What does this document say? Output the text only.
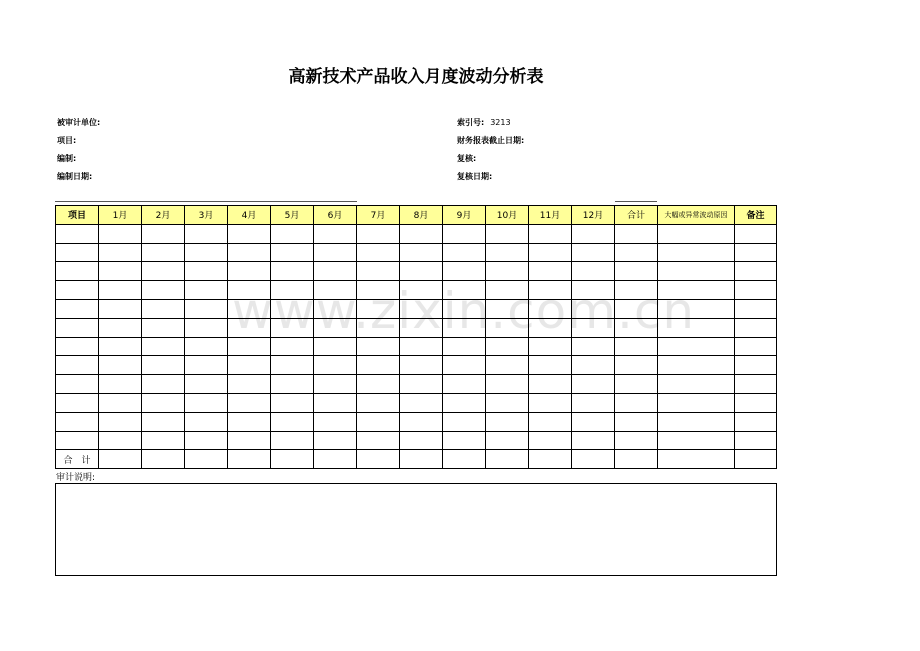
高新技术产品收入月度波动分析表
被审计单位:
项目:
编制:
编制日期:
索引号: 3213
财务报表截止日期:
复核:
复核日期:
项目	1月	2月	3月	4月	5月	6月	7月	8月	9月	10月	11月	12月	合计	大幅或异常波动原因	备注

合　计															
www.zixin.com.cn
审计说明:
